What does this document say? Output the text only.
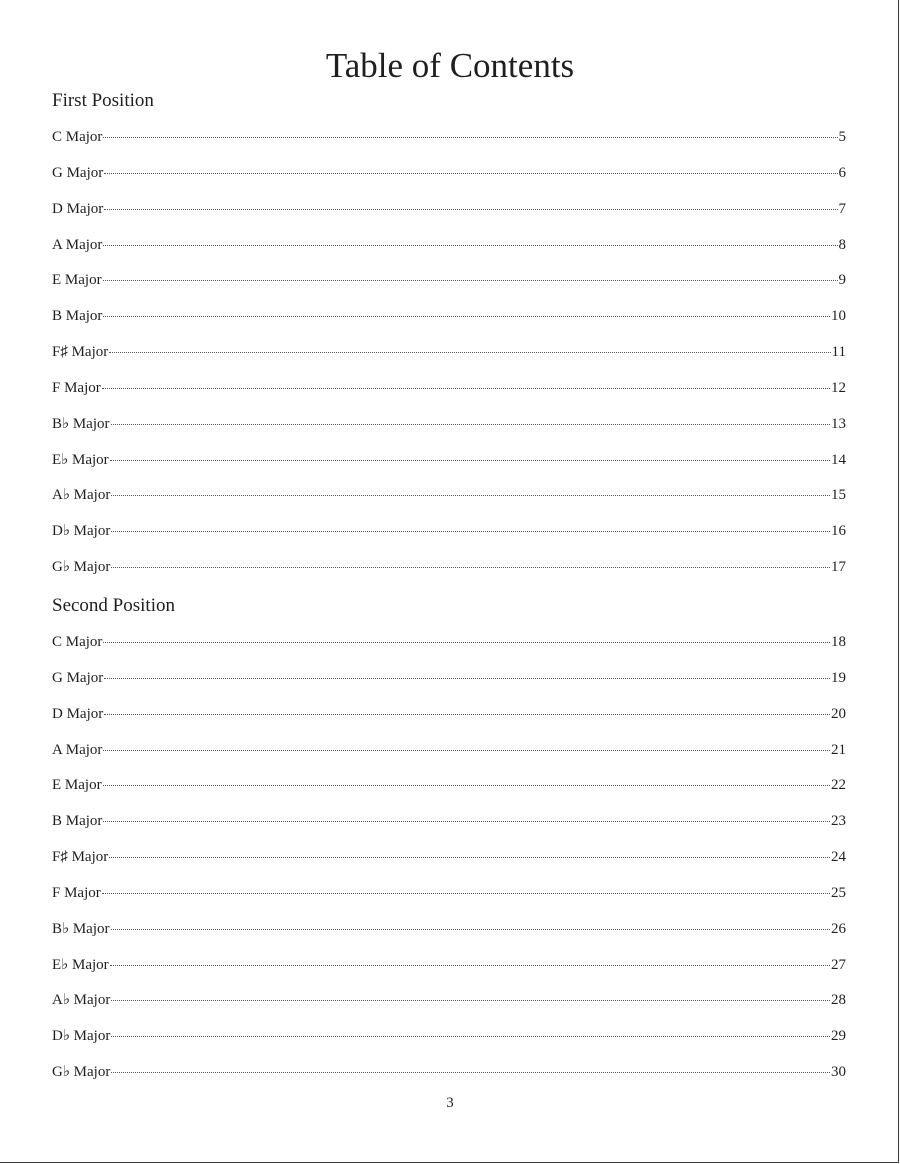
Table of Contents
First Position
C Major	5
G Major	6
D Major	7
A Major	8
E Major	9
B Major	10
F♯ Major	11
F Major	12
B♭ Major	13
E♭ Major	14
A♭ Major	15
D♭ Major	16
G♭ Major	17
Second Position
C Major	18
G Major	19
D Major	20
A Major	21
E Major	22
B Major	23
F♯ Major	24
F Major	25
B♭ Major	26
E♭ Major	27
A♭ Major	28
D♭ Major	29
G♭ Major	30
3
